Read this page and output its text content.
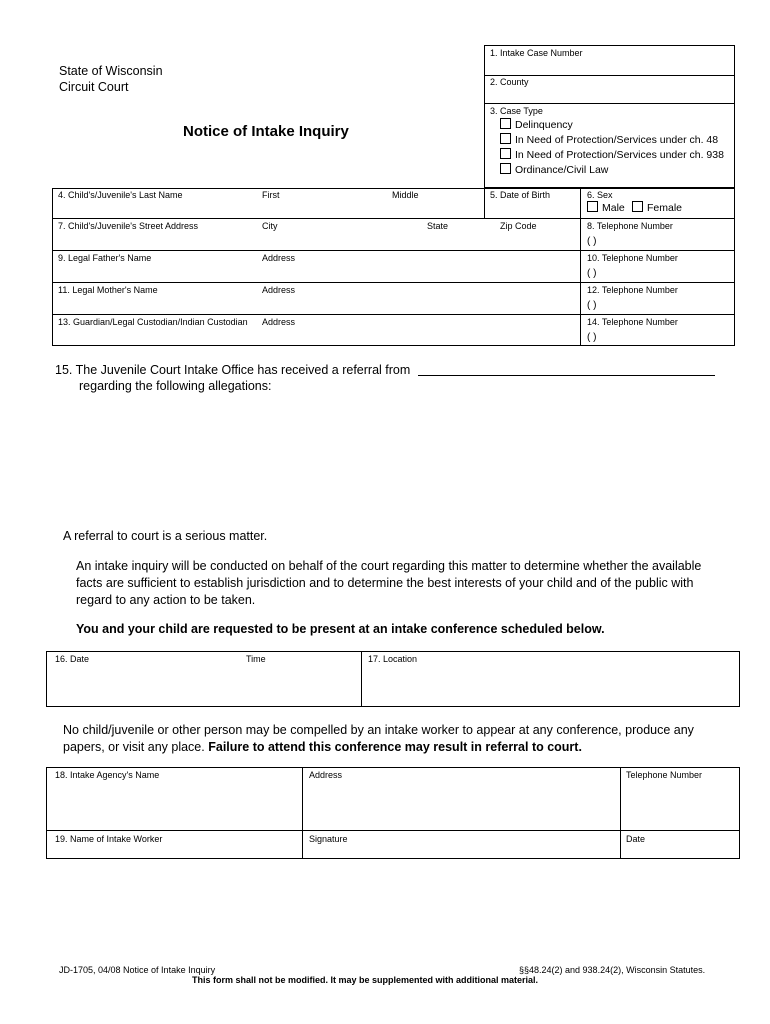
State of Wisconsin
Circuit Court
Notice of Intake Inquiry
1. Intake Case Number
2. County
3. Case Type
Delinquency
In Need of Protection/Services under ch. 48
In Need of Protection/Services under ch. 938
Ordinance/Civil Law
4. Child's/Juvenile's Last Name	First	Middle	5. Date of Birth	6. Sex
Male	Female
7. Child's/Juvenile's Street Address	City	State	Zip Code	8. Telephone Number
( )
9. Legal Father's Name	Address	10. Telephone Number
( )
11. Legal Mother's Name	Address	12. Telephone Number
( )
13. Guardian/Legal Custodian/Indian Custodian Address	14. Telephone Number
( )
15. The Juvenile Court Intake Office has received a referral from
regarding the following allegations:
A referral to court is a serious matter.
An intake inquiry will be conducted on behalf of the court regarding this matter to determine whether the available facts are sufficient to establish jurisdiction and to determine the best interests of your child and of the public with regard to any action to be taken.
You and your child are requested to be present at an intake conference scheduled below.
16. Date	Time	17. Location
No child/juvenile or other person may be compelled by an intake worker to appear at any conference, produce any papers, or visit any place. Failure to attend this conference may result in referral to court.
18. Intake Agency's Name	Address	Telephone Number
19. Name of Intake Worker	Signature	Date
JD-1705, 04/08 Notice of Intake Inquiry	§§48.24(2) and 938.24(2), Wisconsin Statutes.
This form shall not be modified. It may be supplemented with additional material.
